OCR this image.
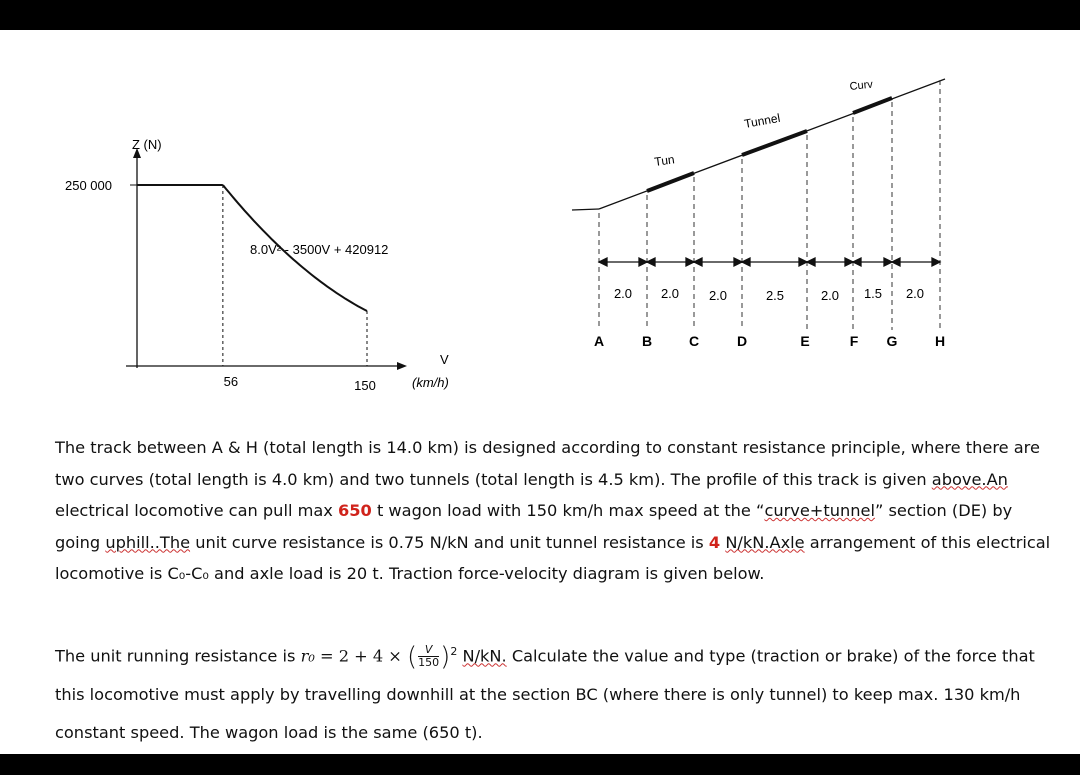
Z (N)
250 000
8.0V² - 3500V + 420912
56	150
V
(km/h)
Tun
Tunnel
Curv
2.0 2.0 2.0	2.5	2.0 1.5 2.0
A	B	C	D	E	F G	H
The track between A & H (total length is 14.0 km) is designed according to constant resistance principle, where there are two curves (total length is 4.0 km) and two tunnels (total length is 4.5 km). The profile of this track is given above.An electrical locomotive can pull max 650 t wagon load with 150 km/h max speed at the “curve+tunnel” section (DE) by going uphill..The unit curve resistance is 0.75 N/kN and unit tunnel resistance is 4 N/kN.Axle arrangement of this electrical locomotive is C₀-C₀ and axle load is 20 t. Traction force-velocity diagram is given below.
The unit running resistance is r₀ = 2 + 4 × ( $\frac{V}{150} )^2$ N/kN. Calculate the value and type (traction or brake) of the force that this locomotive must apply by travelling downhill at the section BC (where there is only tunnel) to keep max. 130 km/h constant speed. The wagon load is the same (650 t).
